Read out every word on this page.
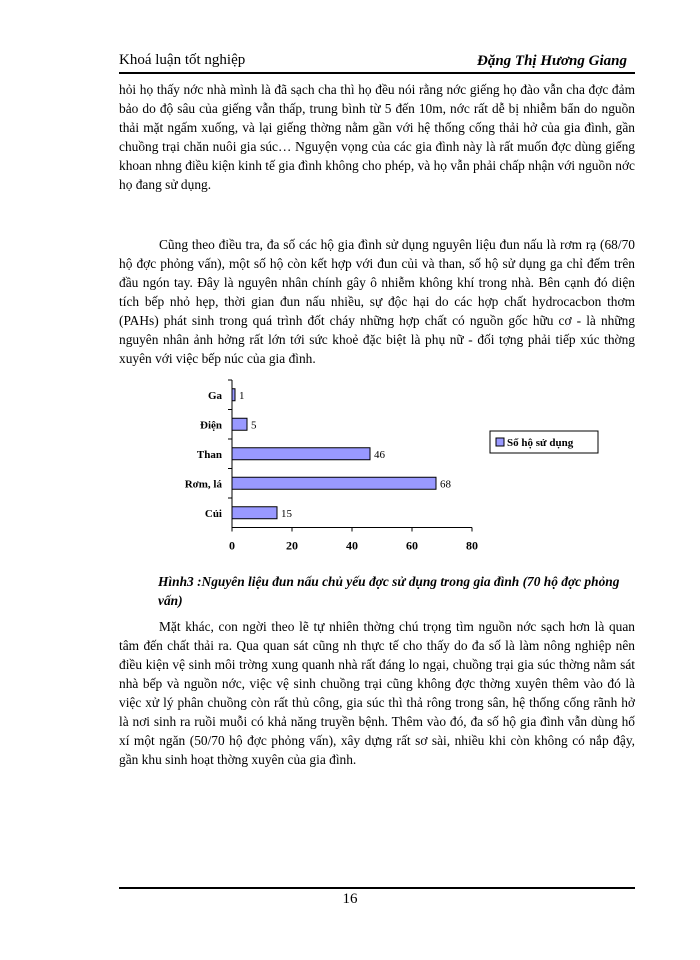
Khoá luận tốt nghiệp	Đặng Thị Hương Giang

hỏi họ thấy nớc nhà mình là đã sạch cha thì họ đều nói rằng nớc giếng họ đào vẫn cha đợc đảm bảo do độ sâu của giếng vẫn thấp, trung bình từ 5 đến 10m, nớc rất dễ bị nhiễm bẩn do nguồn thải mặt ngấm xuống, và lại giếng thờng nằm gần với hệ thống cống thải hở của gia đình, gần chuồng trại chăn nuôi gia súc… Nguyện vọng của các gia đình này là rất muốn đợc dùng giếng khoan nhng điều kiện kinh tế gia đình không cho phép, và họ vẫn phải chấp nhận với nguồn nớc họ đang sử dụng.

Cũng theo điều tra, đa số các hộ gia đình sử dụng nguyên liệu đun nấu là rơm rạ (68/70 hộ đợc phỏng vấn), một số hộ còn kết hợp với đun củi và than, số hộ sử dụng ga chỉ đếm trên đầu ngón tay. Đây là nguyên nhân chính gây ô nhiễm không khí trong nhà. Bên cạnh đó diện tích bếp nhỏ hẹp, thời gian đun nấu nhiều, sự độc hại do các hợp chất hydrocacbon thơm (PAHs) phát sinh trong quá trình đốt cháy những hợp chất có nguồn gốc hữu cơ - là những nguyên nhân ảnh hởng rất lớn tới sức khoẻ đặc biệt là phụ nữ - đối tợng phải tiếp xúc thờng xuyên với việc bếp núc của gia đình.

Ga 1
Điện	5
Than	46
Rơm, lá	68
Củi	15
0	20	40	60	80
Số hộ sử dụng

Hình3 :Nguyên liệu đun nấu chủ yếu đợc sử dụng trong gia đình (70 hộ đợc phỏng vấn)

Mặt khác, con ngời theo lẽ tự nhiên thờng chú trọng tìm nguồn nớc sạch hơn là quan tâm đến chất thải ra. Qua quan sát cũng nh thực tế cho thấy do đa số là làm nông nghiệp nên điều kiện vệ sinh môi trờng xung quanh nhà rất đáng lo ngại, chuồng trại gia súc thờng nằm sát nhà bếp và nguồn nớc, việc vệ sinh chuồng trại cũng không đợc thờng xuyên thêm vào đó là việc xử lý phân chuồng còn rất thủ công, gia súc thì thả rông trong sân, hệ thống cống rãnh hở là nơi sinh ra ruồi muỗi có khả năng truyền bệnh. Thêm vào đó, đa số hộ gia đình vẫn dùng hố xí một ngăn (50/70 hộ đợc phỏng vấn), xây dựng rất sơ sài, nhiều khi còn không có nắp đậy, gần khu sinh hoạt thờng xuyên của gia đình.

16
